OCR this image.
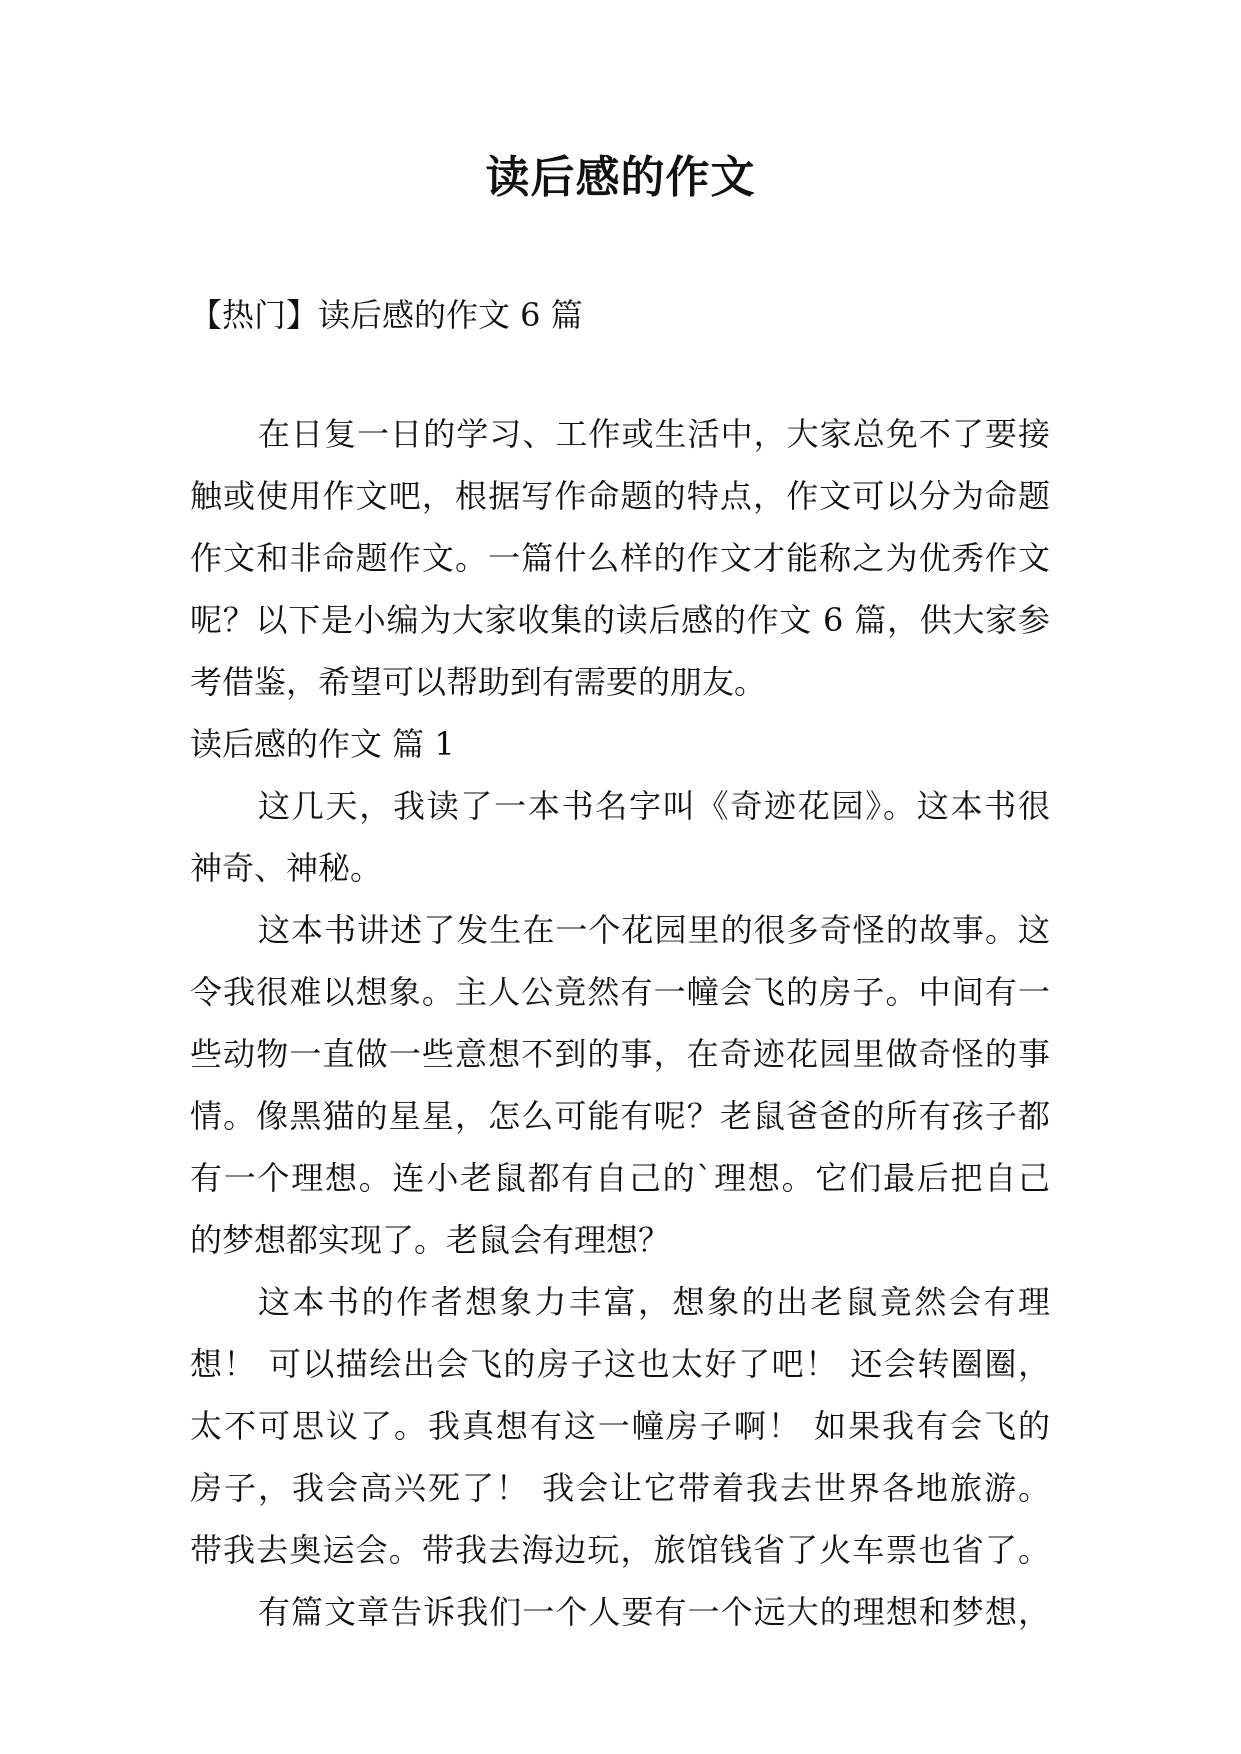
读后感的作文
【热门】读后感的作文 6 篇
在日复一日的学习、工作或生活中，大家总免不了要接
触或使用作文吧，根据写作命题的特点，作文可以分为命题
作文和非命题作文。一篇什么样的作文才能称之为优秀作文
呢？以下是小编为大家收集的读后感的作文 6 篇，供大家参
考借鉴，希望可以帮助到有需要的朋友。
读后感的作文 篇 1
这几天，我读了一本书名字叫《奇迹花园》。这本书很
神奇、神秘。
这本书讲述了发生在一个花园里的很多奇怪的故事。这
令我很难以想象。主人公竟然有一幢会飞的房子。中间有一
些动物一直做一些意想不到的事，在奇迹花园里做奇怪的事
情。像黑猫的星星，怎么可能有呢？老鼠爸爸的所有孩子都
有一个理想。连小老鼠都有自己的`理想。它们最后把自己
的梦想都实现了。老鼠会有理想？
这本书的作者想象力丰富，想象的出老鼠竟然会有理
想！ 可以描绘出会飞的房子这也太好了吧！ 还会转圈圈，
太不可思议了。我真想有这一幢房子啊！ 如果我有会飞的
房子，我会高兴死了！ 我会让它带着我去世界各地旅游。
带我去奥运会。带我去海边玩，旅馆钱省了火车票也省了。
有篇文章告诉我们一个人要有一个远大的理想和梦想，
